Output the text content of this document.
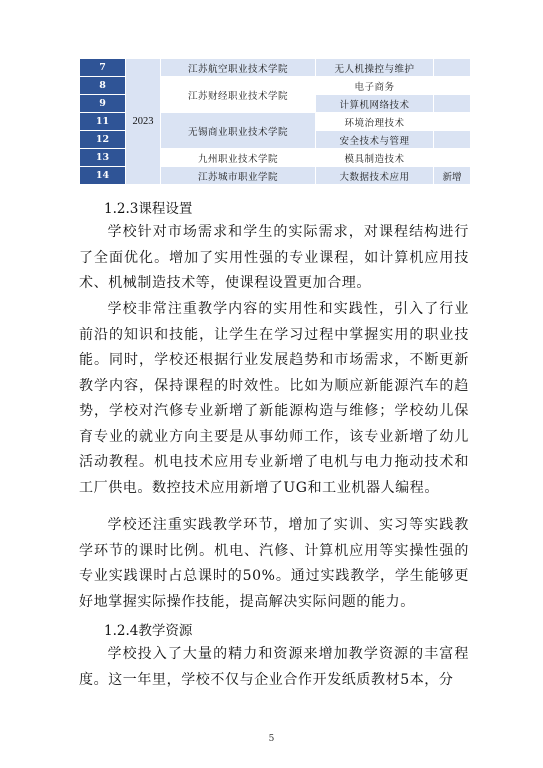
7	2023	江苏航空职业技术学院	无人机操控与维护	
8		江苏财经职业技术学院	电子商务	
9			计算机网络技术	
11		无锡商业职业技术学院	环境治理技术	
12			安全技术与管理	
13		九州职业技术学院	模具制造技术	
14		江苏城市职业学院	大数据技术应用	新增
1.2.3课程设置
学校针对市场需求和学生的实际需求，对课程结构进行了全面优化。增加了实用性强的专业课程，如计算机应用技术、机械制造技术等，使课程设置更加合理。
学校非常注重教学内容的实用性和实践性，引入了行业前沿的知识和技能，让学生在学习过程中掌握实用的职业技能。同时，学校还根据行业发展趋势和市场需求，不断更新教学内容，保持课程的时效性。比如为顺应新能源汽车的趋势，学校对汽修专业新增了新能源构造与维修；学校幼儿保育专业的就业方向主要是从事幼师工作，该专业新增了幼儿活动教程。机电技术应用专业新增了电机与电力拖动技术和工厂供电。数控技术应用新增了UG和工业机器人编程。
学校还注重实践教学环节，增加了实训、实习等实践教学环节的课时比例。机电、汽修、计算机应用等实操性强的专业实践课时占总课时的50%。通过实践教学，学生能够更好地掌握实际操作技能，提高解决实际问题的能力。
1.2.4教学资源
学校投入了大量的精力和资源来增加教学资源的丰富程度。这一年里，学校不仅与企业合作开发纸质教材5本，分
5
